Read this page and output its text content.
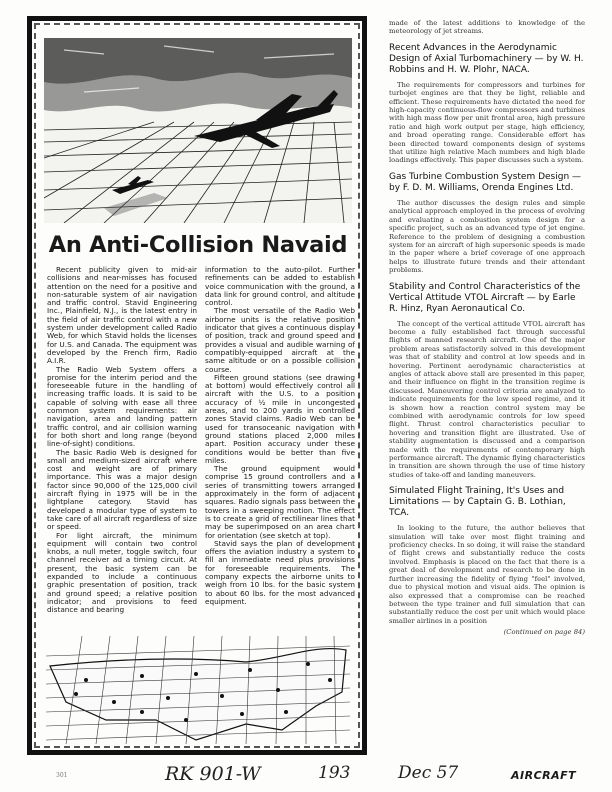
An Anti-Collision Navaid

Recent publicity given to mid-air collisions and near-misses has focused attention on the need for a positive and non-saturable system of air navigation and traffic control. Stavid Engineering Inc., Plainfield, N.J., is the latest entry in the field of air traffic control with a new system under development called Radio Web, for which Stavid holds the licenses for U.S. and Canada. The equipment was developed by the French firm, Radio A.I.R.

The Radio Web System offers a promise for the interim period and the foreseeable future in the handling of increasing traffic loads. It is said to be capable of solving with ease all three common system requirements: air navigation, area and landing pattern traffic control, and air collision warning for both short and long range (beyond line-of-sight) conditions.

The basic Radio Web is designed for small and medium-sized aircraft where cost and weight are of primary importance. This was a major design factor since 90,000 of the 125,000 civil aircraft flying in 1975 will be in the lightplane category. Stavid has developed a modular type of system to take care of all aircraft regardless of size or speed.

For light aircraft, the minimum equipment will contain two control knobs, a null meter, toggle switch, four channel receiver ad a timing circuit. At present, the basic system can be expanded to include a continuous graphic presentation of position, track and ground speed; a relative position indicator; and provisions to feed distance and bearing

information to the auto-pilot. Further refinements can be added to establish voice communication with the ground, a data link for ground control, and altitude control.

The most versatile of the Radio Web airborne units is the relative position indicator that gives a continuous display of position, track and ground speed and provides a visual and audible warning of compatibly-equipped aircraft at the same altitude or on a possible collision course.

Fifteen ground stations (see drawing at bottom) would effectively control all aircraft with the U.S. to a position accuracy of ½ mile in uncongested areas, and to 200 yards in controlled zones Stavid claims. Radio Web can be used for transoceanic navigation with ground stations placed 2,000 miles apart. Position accuracy under these conditions would be better than five miles.

The ground equipment would comprise 15 ground controllers and a series of transmitting towers arranged approximately in the form of adjacent squares. Radio signals pass between the towers in a sweeping motion. The effect is to create a grid of rectilinear lines that may be superimposed on an area chart for orientation (see sketch at top).

Stavid says the plan of development offers the aviation industry a system to fill an immediate need plus provisions for foreseeable requirements. The company expects the airborne units to weigh from 10 lbs. for the basic system to about 60 lbs. for the most advanced equipment.

made of the latest additions to knowledge of the meteorology of jet streams.

Recent Advances in the Aerodynamic Design of Axial Turbomachinery — by W. H. Robbins and H. W. Plohr, NACA.

The requirements for compressors and turbines for turbojet engines are that they be light, reliable and efficient. These requirements have dictated the need for high-capacity continuous-flow compressors and turbines with high mass flow per unit frontal area, high pressure ratio and high work output per stage, high efficiency, and broad operating range. Considerable effort has been directed toward components design of systems that utilize high relative Mach numbers and high blade loadings effectively. This paper discusses such a system.

Gas Turbine Combustion System Design — by F. D. M. Williams, Orenda Engines Ltd.

The author discusses the design rules and simple analytical approach employed in the process of evolving and evaluating a combustion system design for a specific project, such as an advanced type of jet engine. Reference to the problem of designing a combustion system for an aircraft of high supersonic speeds is made in the paper where a brief coverage of one approach helps to illustrate future trends and their attendant problems.

Stability and Control Characteristics of the Vertical Attitude VTOL Aircraft — by Earle R. Hinz, Ryan Aeronautical Co.

The concept of the vertical attitude VTOL aircraft has become a fully established fact through successful flights of manned research aircraft. One of the major problem areas satisfactorily solved in this development was that of stability and control at low speeds and in hovering. Pertinent aerodynamic characteristics at angles of attack above stall are presented in this paper, and their influence on flight in the transition regime is discussed. Maneuvering control criteria are analyzed to indicate requirements for the low speed regime, and it is shown how a reaction control system may be combined with aerodynamic controls for low speed flight. Thrust control characteristics peculiar to hovering and transition flight are illustrated. Use of stability augmentation is discussed and a comparison made with the requirements of contemporary high performance aircraft. The dynamic flying characteristics in transition are shown through the use of time history studies of take-off and landing maneuvers.

Simulated Flight Training, It's Uses and Limitations — by Captain G. B. Lothian, TCA.

In looking to the future, the author believes that simulation will take over most flight training and proficiency checks. In so doing, it will raise the standard of flight crews and substantially reduce the costs involved. Emphasis is placed on the fact that there is a great deal of development and research to be done in further increasing the fidelity of flying "feel" involved, due to physical motion and visual aids. The opinion is also expressed that a compromise can be reached between the type trainer and full simulation that can substantially reduce the cost per unit which would place smaller airlines in a position

(Continued on page 84)

301	RK 901-W	193	Dec 57	AIRCRAFT
